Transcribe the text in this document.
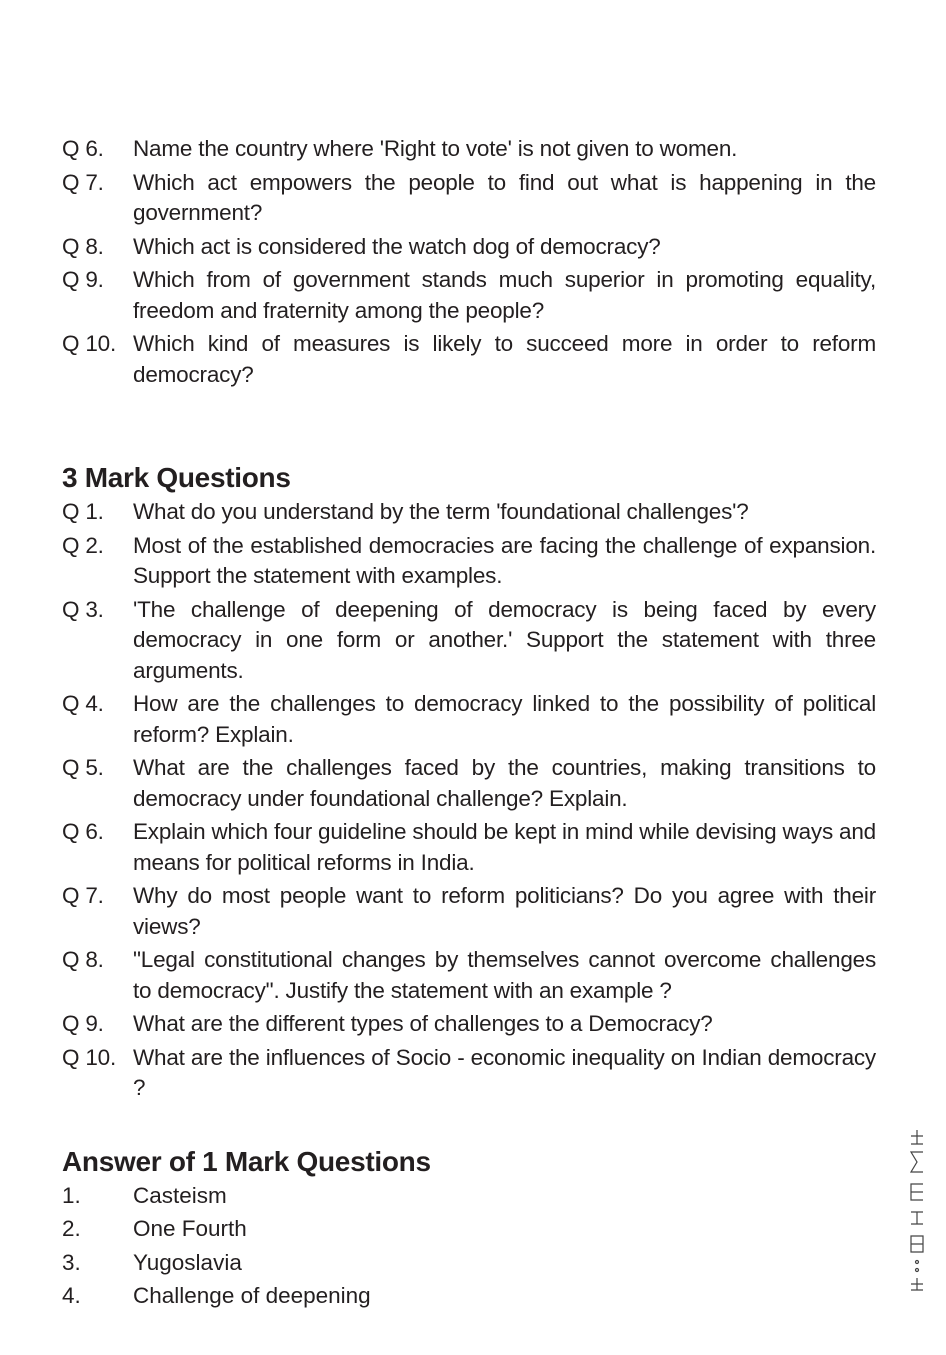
Q 6.	Name the country where 'Right to vote' is not given to women.
Q 7.	Which act empowers the people to find out what is happening in the government?
Q 8.	Which act is considered the watch dog of democracy?
Q 9.	Which from of government stands much superior in promoting equality, freedom and fraternity among the people?
Q 10. Which kind of measures is likely to succeed more in order to reform democracy?
3 Mark Questions
Q 1.	What do you understand by the term 'foundational challenges'?
Q 2.	Most of the established democracies are facing the challenge of expansion. Support the statement with examples.
Q 3.	'The challenge of deepening of democracy is being faced by every democracy in one form or another.' Support the statement with three arguments.
Q 4.	How are the challenges to democracy linked to the possibility of political reform? Explain.
Q 5.	What are the challenges faced by the countries, making transitions to democracy under foundational challenge? Explain.
Q 6.	Explain which four guideline should be kept in mind while devising ways and means for political reforms in India.
Q 7.	Why do most people want to reform politicians? Do you agree with their views?
Q 8.	"Legal constitutional changes by themselves cannot overcome challenges to democracy". Justify the statement with an example ?
Q 9.	What are the different types of challenges to a Democracy?
Q 10. What are the influences of Socio - economic inequality on Indian democracy ?
Answer of 1 Mark Questions
1.	Casteism
2.	One Fourth
3.	Yugoslavia
4.	Challenge of deepening
